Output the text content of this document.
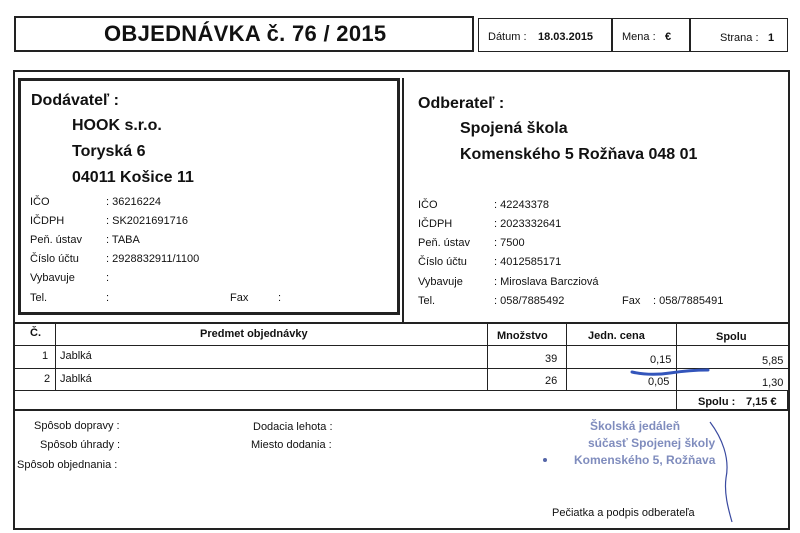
OBJEDNÁVKA č. 76 / 2015	Dátum : 18.03.2015	Mena : €	Strana : 1
Dodávateľ :
HOOK s.r.o.
Toryská 6
04011 Košice 11
IČO	: 36216224
IČDPH	: SK2021691716
Peň. ústav : TABA
Číslo účtu : 2928832911/1100
Vybavuje	:
Tel.	:	Fax	:
Odberateľ :
Spojená škola
Komenského 5 Rožňava 048 01
IČO	: 42243378
IČDPH	: 2023332641
Peň. ústav : 7500
Číslo účtu : 4012585171
Vybavuje	: Miroslava Barcziová
Tel.	: 058/7885492	Fax : 058/7885491
Č.	Predmet objednávky	Množstvo	Jedn. cena	Spolu
1 Jablká	39	0,15	5,85
2 Jablká	26	0,05	1,30
Spolu : 7,15 €
Spôsob dopravy :
Spôsob úhrady :
Spôsob objednania :
Dodacia lehota :
Miesto dodania :
Školská jedáleň
súčasť Spojenej školy
Komenského 5, Rožňava
Pečiatka a podpis odberateľa
